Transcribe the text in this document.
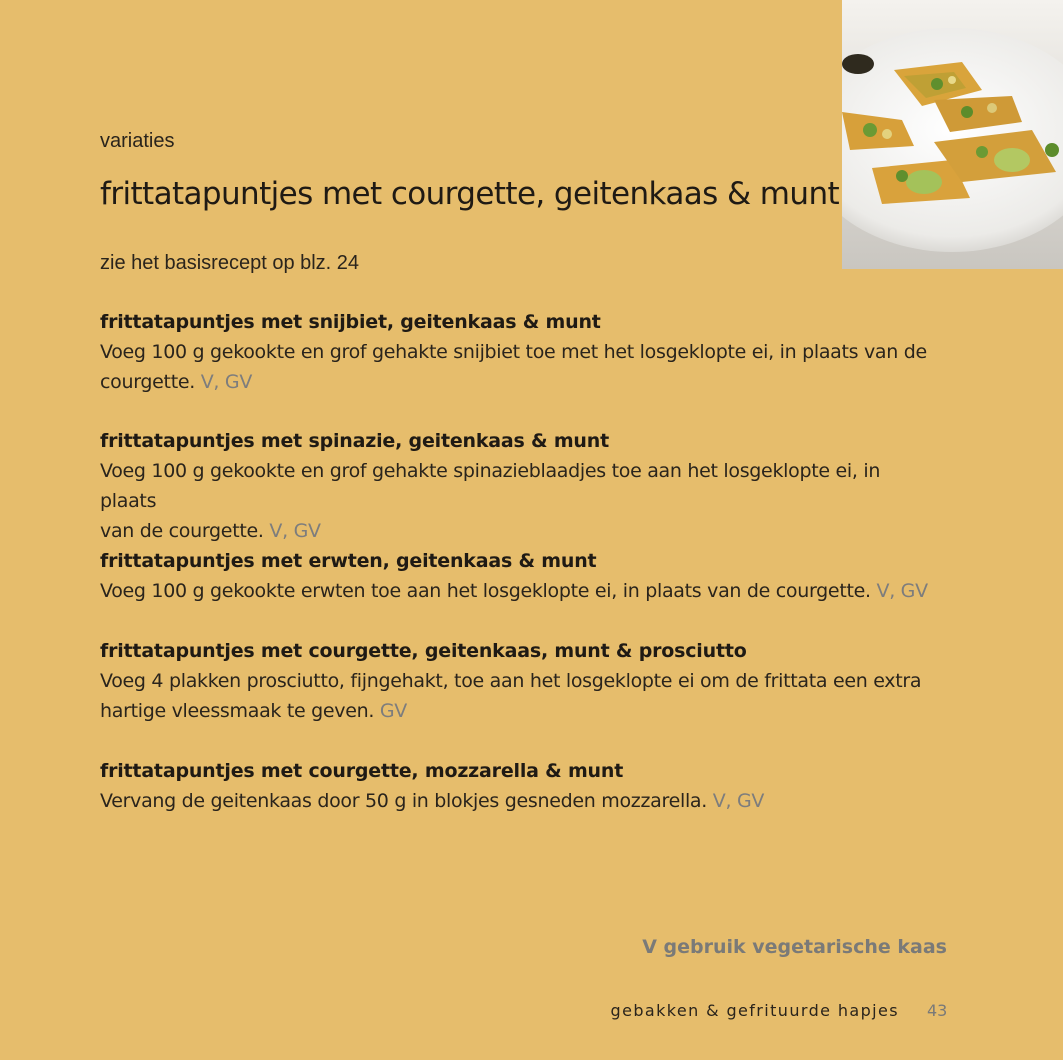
variaties
frittatapuntjes met courgette, geitenkaas & munt
zie het basisrecept op blz. 24
frittatapuntjes met snijbiet, geitenkaas & munt
Voeg 100 g gekookte en grof gehakte snijbiet toe met het losgeklopte ei, in plaats van de
courgette. V, GV
frittatapuntjes met spinazie, geitenkaas & munt
Voeg 100 g gekookte en grof gehakte spinazieblaadjes toe aan het losgeklopte ei, in plaats
van de courgette. V, GV
frittatapuntjes met erwten, geitenkaas & munt
Voeg 100 g gekookte erwten toe aan het losgeklopte ei, in plaats van de courgette. V, GV
frittatapuntjes met courgette, geitenkaas, munt & prosciutto
Voeg 4 plakken prosciutto, fijngehakt, toe aan het losgeklopte ei om de frittata een extra
hartige vleessmaak te geven. GV
frittatapuntjes met courgette, mozzarella & munt
Vervang de geitenkaas door 50 g in blokjes gesneden mozzarella. V, GV
V gebruik vegetarische kaas
gebakken & gefrituurde hapjes 43
